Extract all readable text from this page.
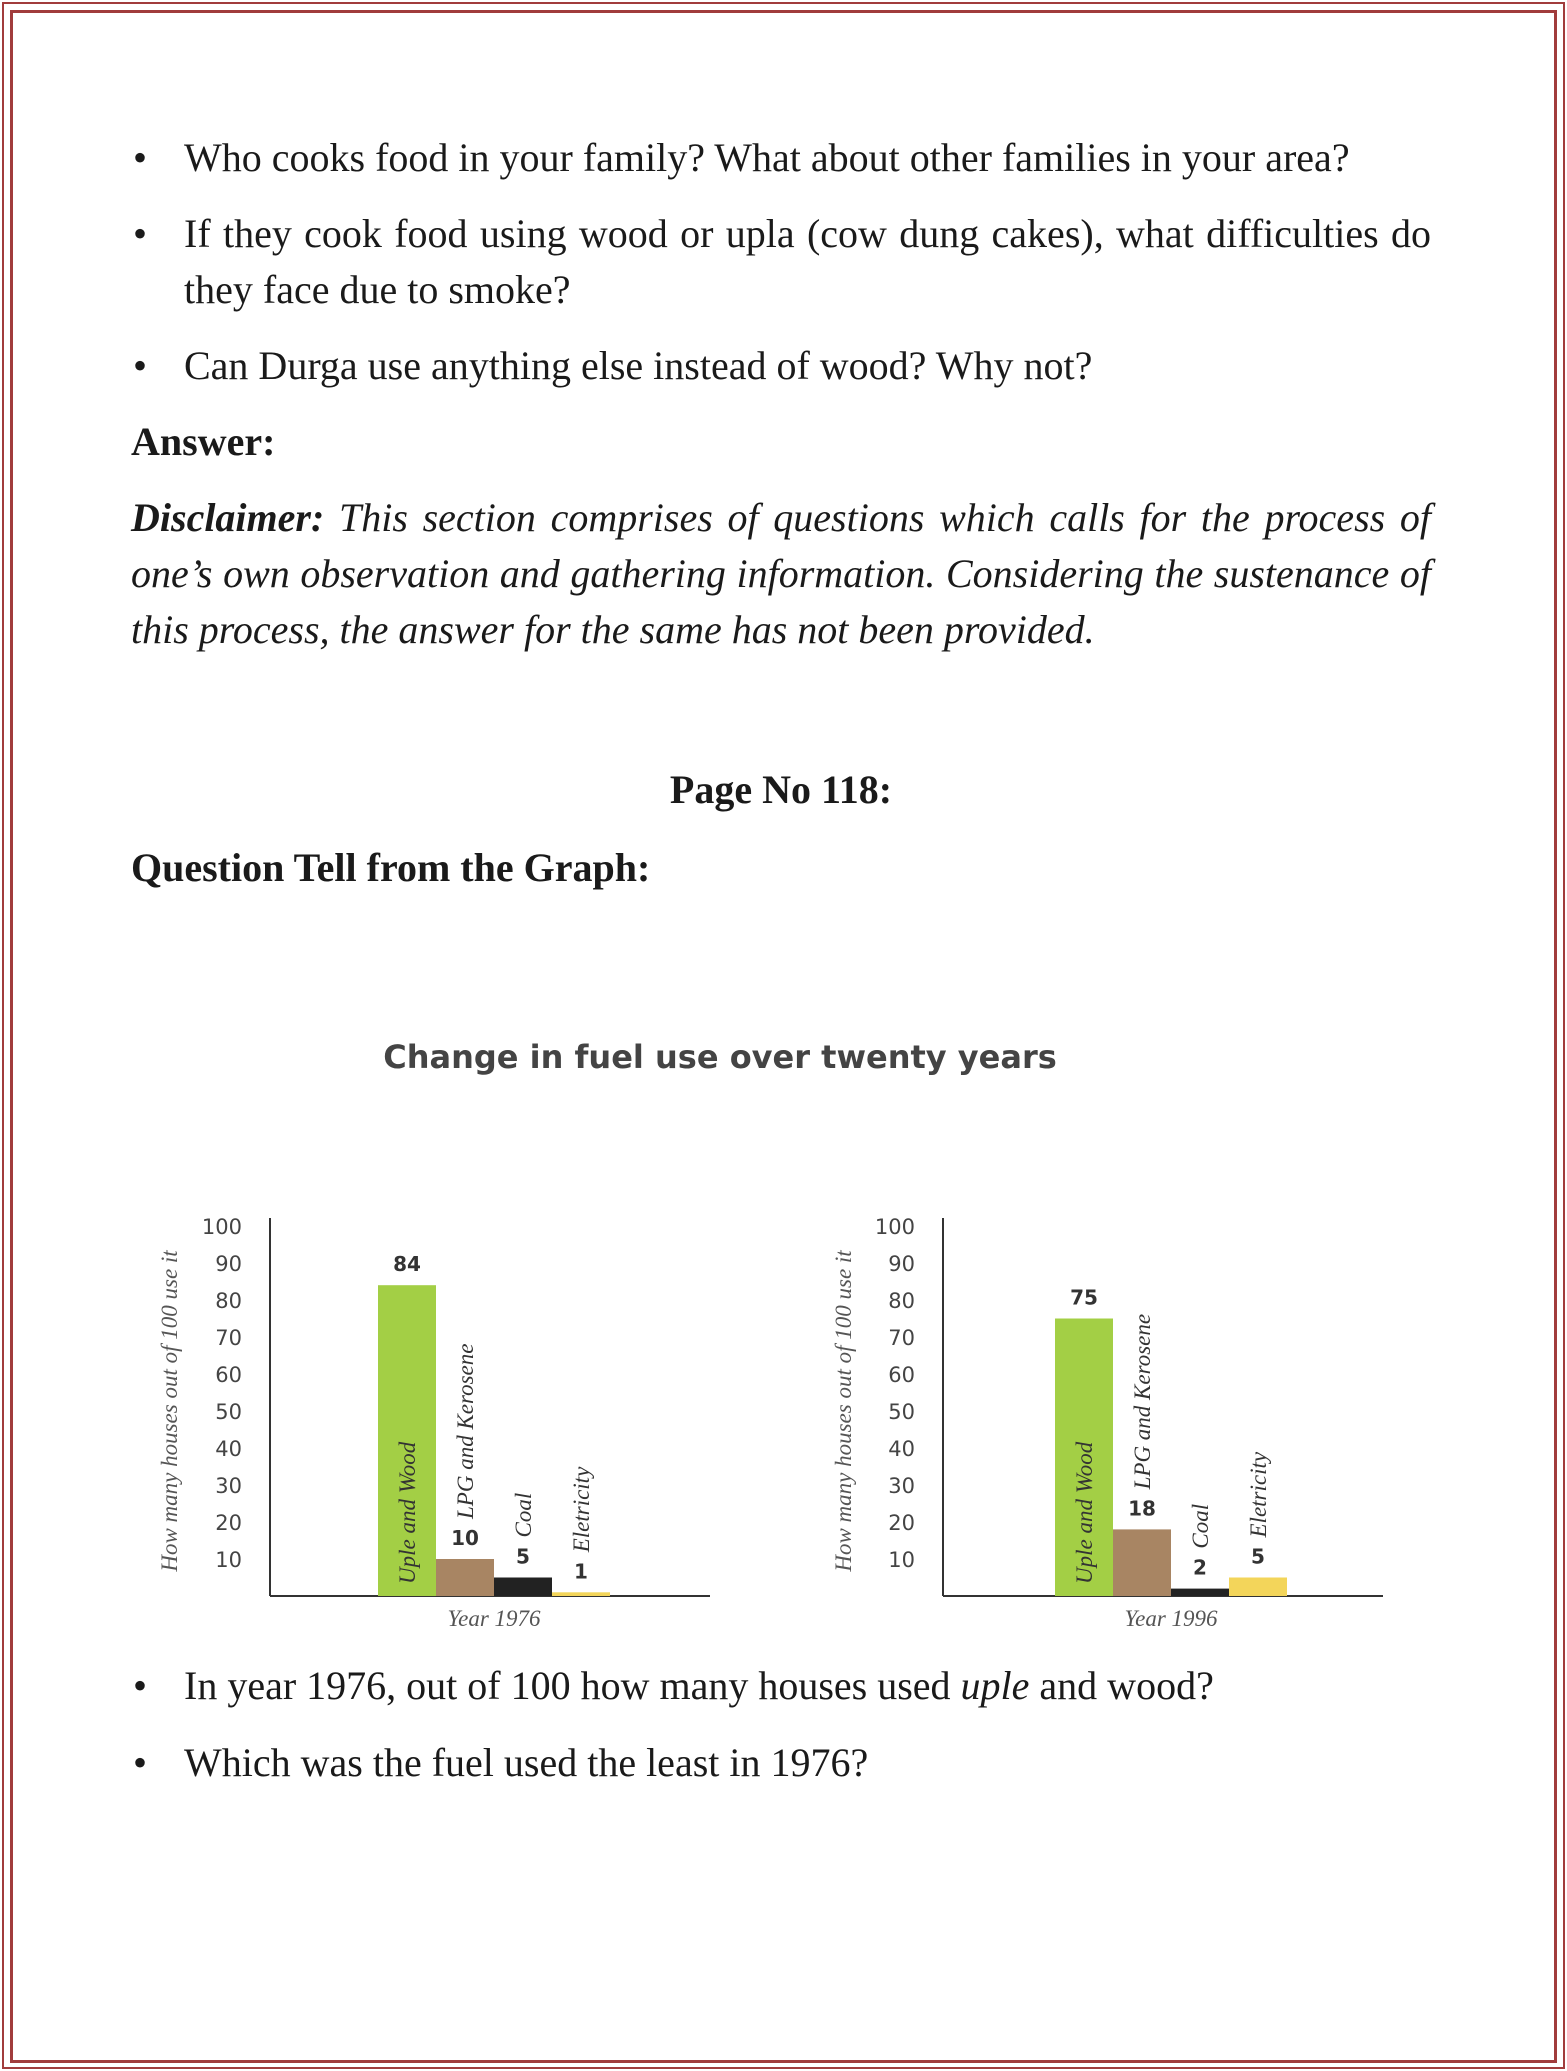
• Who cooks food in your family? What about other families in your area?
• If they cook food using wood or upla (cow dung cakes), what difficulties do they face due to smoke?
• Can Durga use anything else instead of wood? Why not?
Answer:
Disclaimer: This section comprises of questions which calls for the process of one’s own observation and gathering information. Considering the sustenance of this process, the answer for the same has not been provided.
Page No 118:
Question Tell from the Graph:
Change in fuel use over twenty years
100
90
80
70
60
50
40
30
20
10
How many houses out of 100 use it	84
Uple and Wood 10
LPG and Kerosene
5
Coal
1
Eletricity
Year 1976
100
90
80
70
60
50
40
30
20
10
How many houses out of 100 use it	75
Uple and Wood 18
LPG and Kerosene
2
Coal
5
Eletricity
Year 1996
• In year 1976, out of 100 how many houses used uple and wood?
• Which was the fuel used the least in 1976?
